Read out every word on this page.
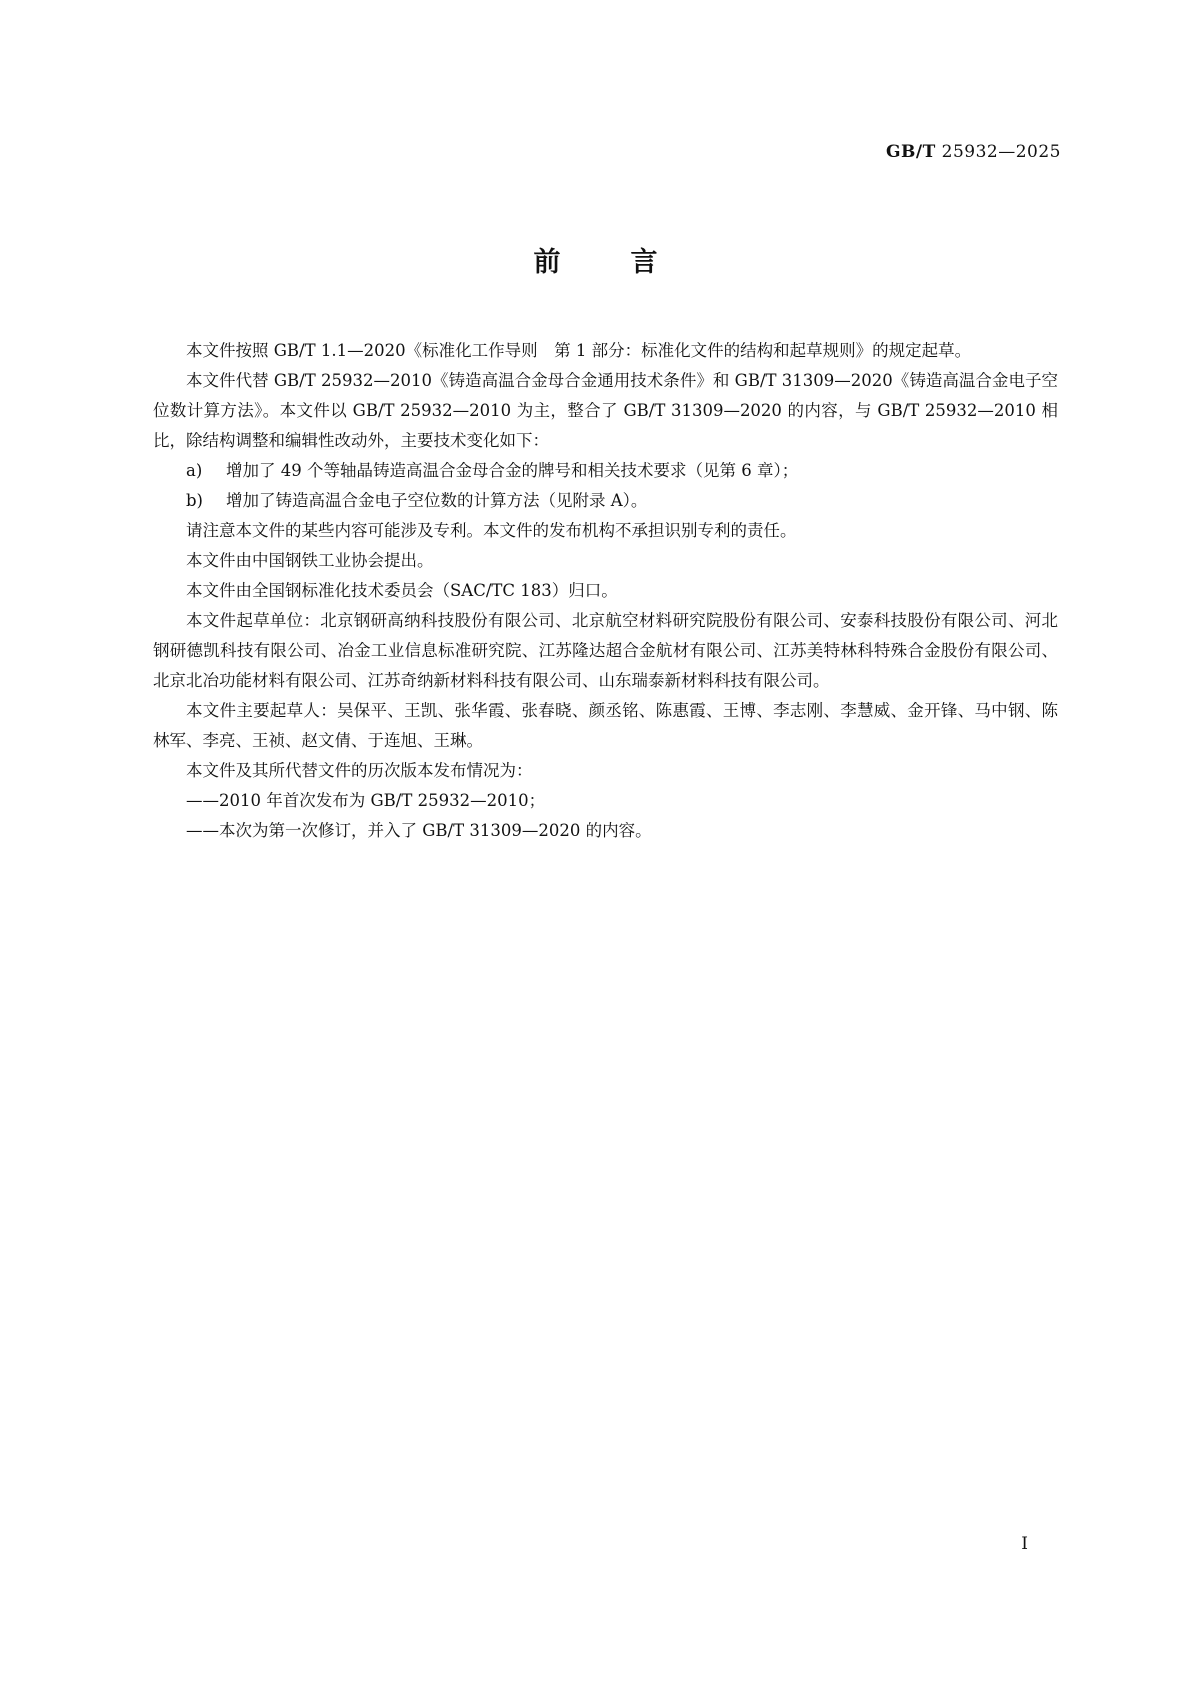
GB/T 25932—2025
前言

本文件按照 GB/T 1.1—2020《标准化工作导则　第 1 部分：标准化文件的结构和起草规则》的规定起草。

本文件代替 GB/T 25932—2010《铸造高温合金母合金通用技术条件》和 GB/T 31309—2020《铸造高温合金电子空位数计算方法》。本文件以 GB/T 25932—2010 为主，整合了 GB/T 31309—2020 的内容，与 GB/T 25932—2010 相比，除结构调整和编辑性改动外，主要技术变化如下：

a) 增加了 49 个等轴晶铸造高温合金母合金的牌号和相关技术要求（见第 6 章）；

b) 增加了铸造高温合金电子空位数的计算方法（见附录 A）。

请注意本文件的某些内容可能涉及专利。本文件的发布机构不承担识别专利的责任。

本文件由中国钢铁工业协会提出。

本文件由全国钢标准化技术委员会（SAC/TC 183）归口。

本文件起草单位：北京钢研高纳科技股份有限公司、北京航空材料研究院股份有限公司、安泰科技股份有限公司、河北钢研德凯科技有限公司、冶金工业信息标准研究院、江苏隆达超合金航材有限公司、江苏美特林科特殊合金股份有限公司、北京北冶功能材料有限公司、江苏奇纳新材料科技有限公司、山东瑞泰新材料科技有限公司。

本文件主要起草人：吴保平、王凯、张华霞、张春晓、颜丞铭、陈惠霞、王博、李志刚、李慧威、金开锋、马中钢、陈林军、李亮、王祯、赵文倩、于连旭、王琳。

本文件及其所代替文件的历次版本发布情况为：

——2010 年首次发布为 GB/T 25932—2010；

——本次为第一次修订，并入了 GB/T 31309—2020 的内容。

I
